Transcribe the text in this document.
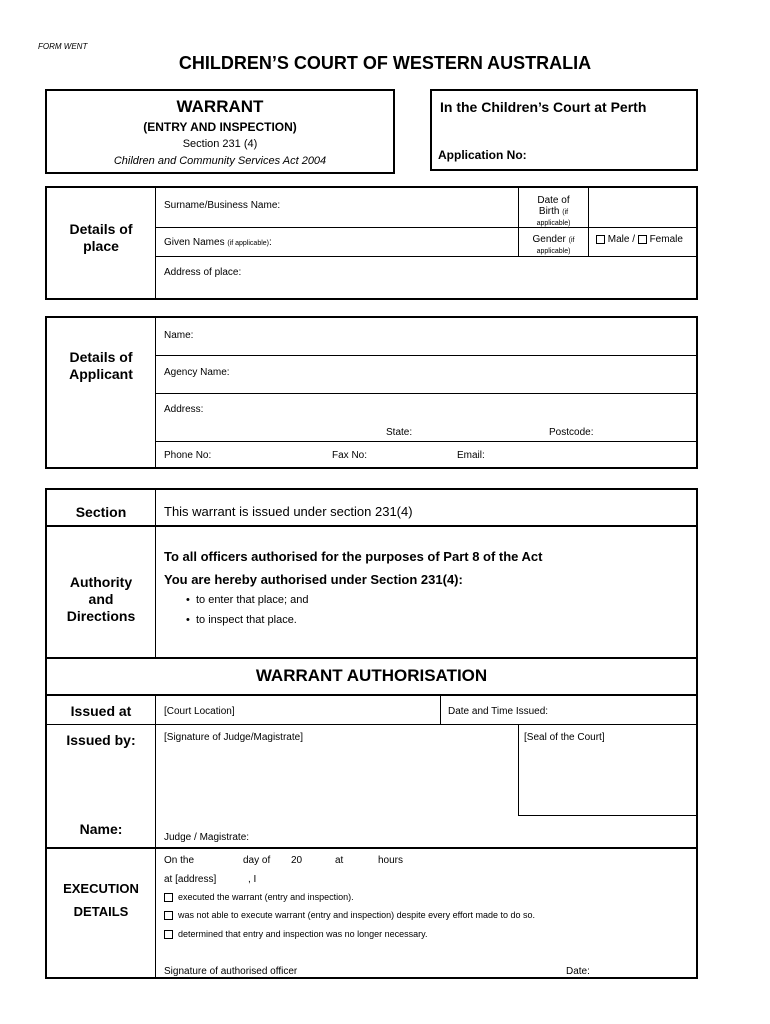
FORM WENT
CHILDREN’S COURT OF WESTERN AUSTRALIA
WARRANT
(ENTRY AND INSPECTION)
Section 231 (4)
Children and Community Services Act 2004
In the Children’s Court at Perth
Application No:
Details of
place
Surname/Business Name:	Date of
Birth (if
applicable)
Given Names (if applicable):	Gender (if
applicable)
Male / Female
Address of place:
Details of
Applicant
Name:
Agency Name:
Address:
State:	Postcode:
Phone No:	Fax No:	Email:
Section	This warrant is issued under section 231(4)
Authority
and
Directions
To all officers authorised for the purposes of Part 8 of the Act
You are hereby authorised under Section 231(4):
•  to enter that place; and
•  to inspect that place.
WARRANT AUTHORISATION
Issued at	[Court Location]	Date and Time Issued:
Issued by:	[Signature of Judge/Magistrate]	[Seal of the Court]
Name:
Judge / Magistrate:
EXECUTION
DETAILS
On the	day of 20	at	hours
at [address]	, I
executed the warrant (entry and inspection).
was not able to execute warrant (entry and inspection) despite every effort made to do so.
determined that entry and inspection was no longer necessary.
Signature of authorised officer	Date:
